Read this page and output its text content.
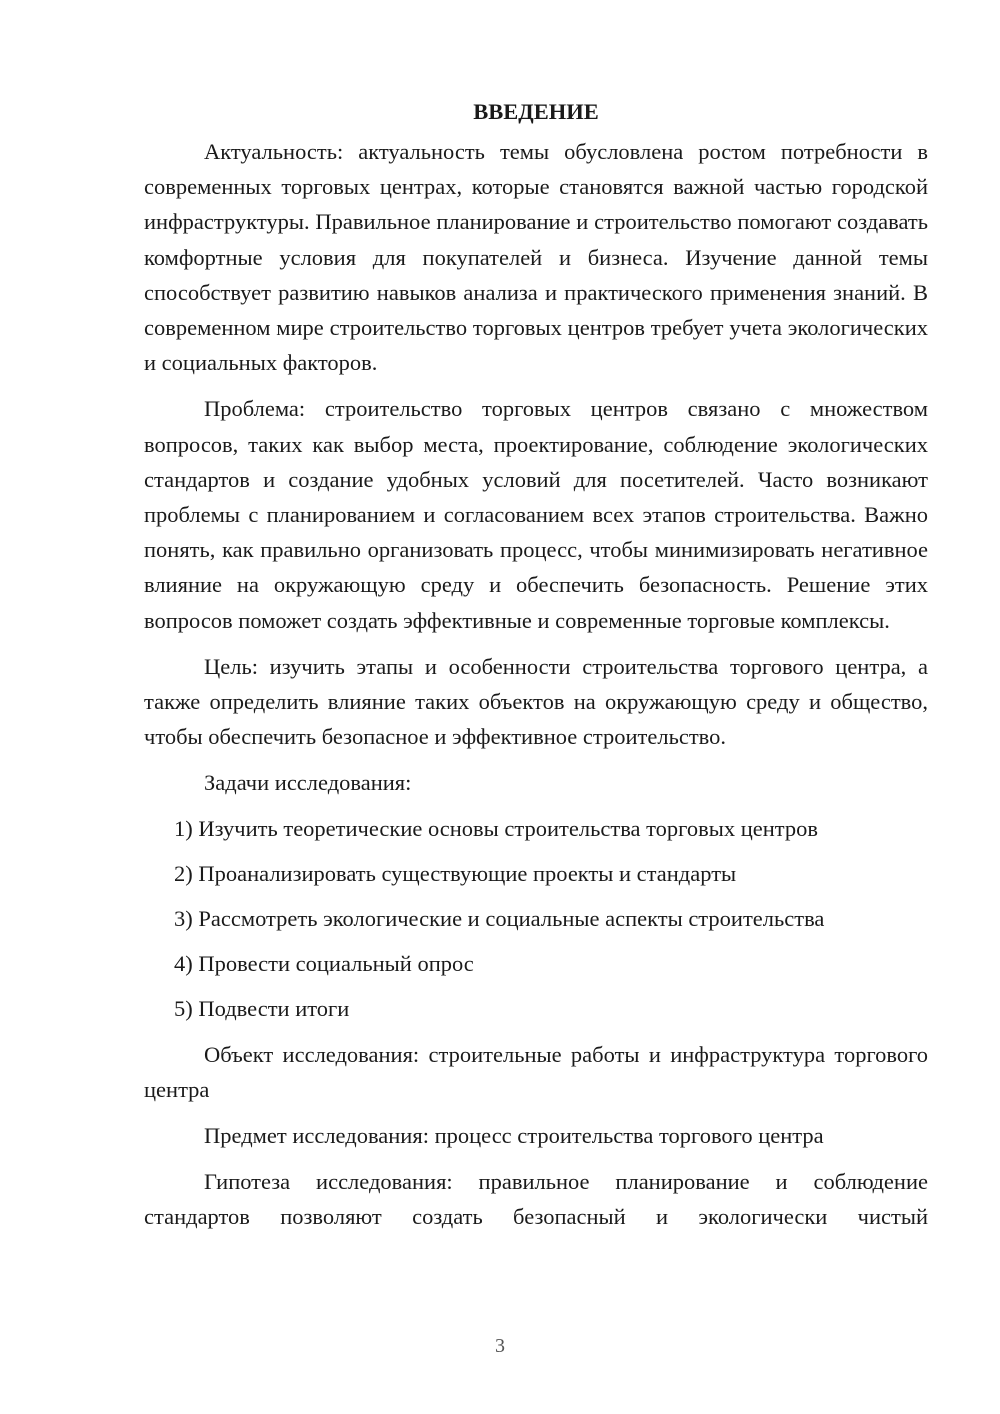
ВВЕДЕНИЕ

Актуальность: актуальность темы обусловлена ростом потребности в современных торговых центрах, которые становятся важной частью городской инфраструктуры. Правильное планирование и строительство помогают создавать комфортные условия для покупателей и бизнеса. Изучение данной темы способствует развитию навыков анализа и практического применения знаний. В современном мире строительство торговых центров требует учета экологических и социальных факторов.

Проблема: строительство торговых центров связано с множеством вопросов, таких как выбор места, проектирование, соблюдение экологических стандартов и создание удобных условий для посетителей. Часто возникают проблемы с планированием и согласованием всех этапов строительства. Важно понять, как правильно организовать процесс, чтобы минимизировать негативное влияние на окружающую среду и обеспечить безопасность. Решение этих вопросов поможет создать эффективные и современные торговые комплексы.

Цель: изучить этапы и особенности строительства торгового центра, а также определить влияние таких объектов на окружающую среду и общество, чтобы обеспечить безопасное и эффективное строительство.

Задачи исследования:

1) Изучить теоретические основы строительства торговых центров

2) Проанализировать существующие проекты и стандарты

3) Рассмотреть экологические и социальные аспекты строительства

4) Провести социальный опрос

5) Подвести итоги

Объект исследования: строительные работы и инфраструктура торгового центра

Предмет исследования: процесс строительства торгового центра

Гипотеза исследования: правильное планирование и соблюдение стандартов позволяют создать безопасный и экологически чистый

3
